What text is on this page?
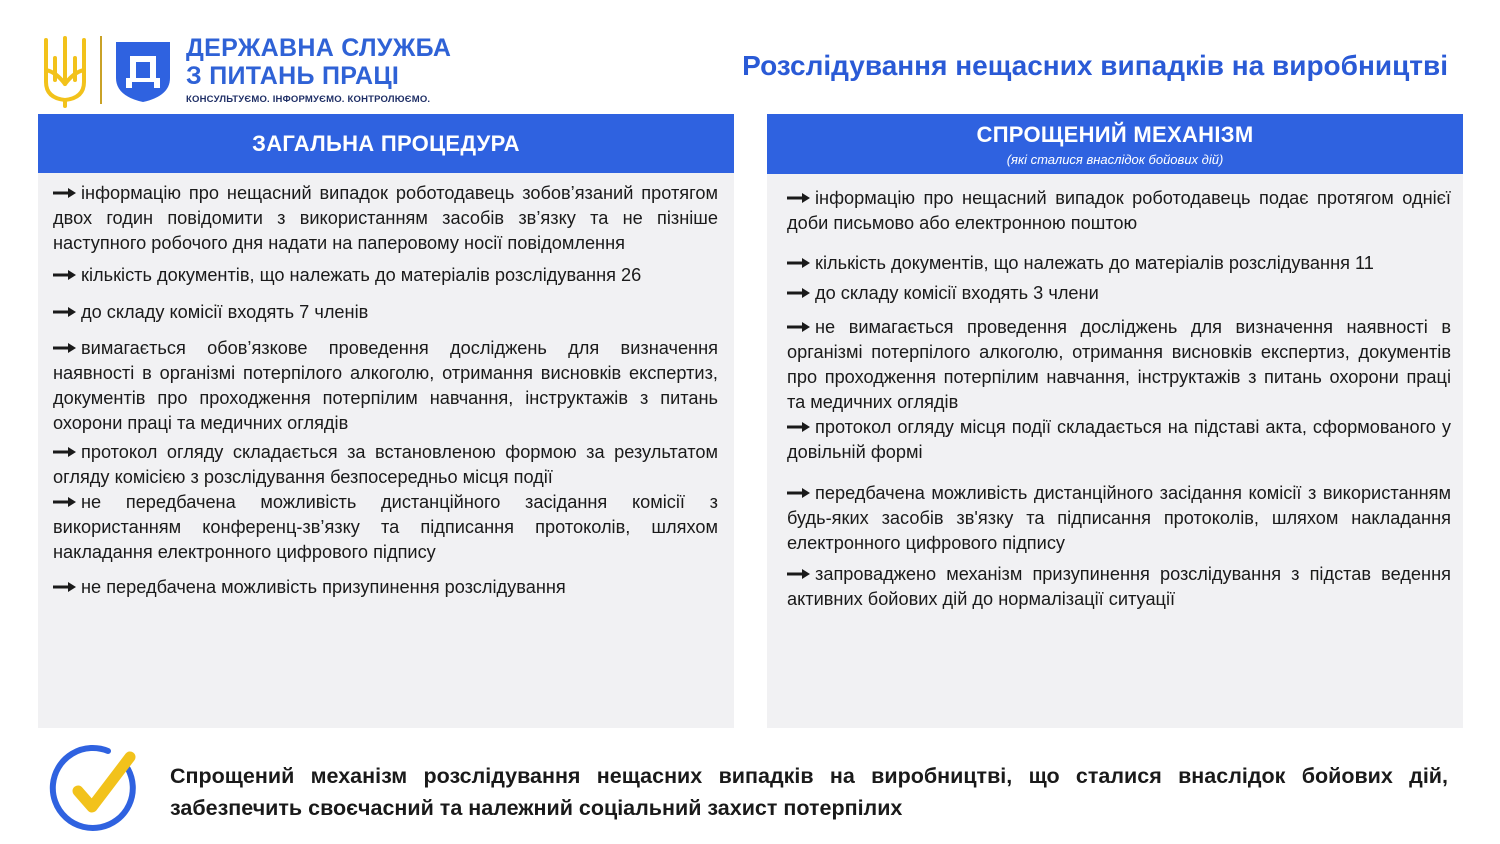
ДЕРЖАВНА СЛУЖБА
З ПИТАНЬ ПРАЦІ
КОНСУЛЬТУЄМО. ІНФОРМУЄМО. КОНТРОЛЮЄМО.
Розслідування нещасних випадків на виробництві
ЗАГАЛЬНА ПРОЦЕДУРА
інформацію про нещасний випадок роботодавець зобов’язаний протягом двох годин повідомити з використанням засобів зв’язку та не пізніше наступного робочого дня надати на паперовому носії повідомлення
кількість документів, що належать до матеріалів розслідування 26
до складу комісії входять 7 членів
вимагається обов’язкове проведення досліджень для визначення наявності в організмі потерпілого алкоголю, отримання висновків експертиз, документів про проходження потерпілим навчання, інструктажів з питань охорони праці та медичних оглядів
протокол огляду складається за встановленою формою за результатом огляду комісією з розслідування безпосередньо місця події
не передбачена можливість дистанційного засідання комісії з використанням конференц-зв’язку та підписання протоколів, шляхом накладання електронного цифрового підпису
не передбачена можливість призупинення розслідування
СПРОЩЕНИЙ МЕХАНІЗМ
(які сталися внаслідок бойових дій)
інформацію про нещасний випадок роботодавець подає протягом однієї доби письмово або електронною поштою
кількість документів, що належать до матеріалів розслідування 11
до складу комісії входять 3 члени
не вимагається проведення досліджень для визначення наявності в організмі потерпілого алкоголю, отримання висновків експертиз, документів про проходження потерпілим навчання, інструктажів з питань охорони праці та медичних оглядів
протокол огляду місця події складається на підставі акта, сформованого у довільній формі
передбачена можливість дистанційного засідання комісії з використанням будь-яких засобів зв'язку та підписання протоколів, шляхом накладання електронного цифрового підпису
запроваджено механізм призупинення розслідування з підстав ведення активних бойових дій до нормалізації ситуації

Спрощений механізм розслідування нещасних випадків на виробництві, що сталися внаслідок бойових дій, забезпечить своєчасний та належний соціальний захист потерпілих
